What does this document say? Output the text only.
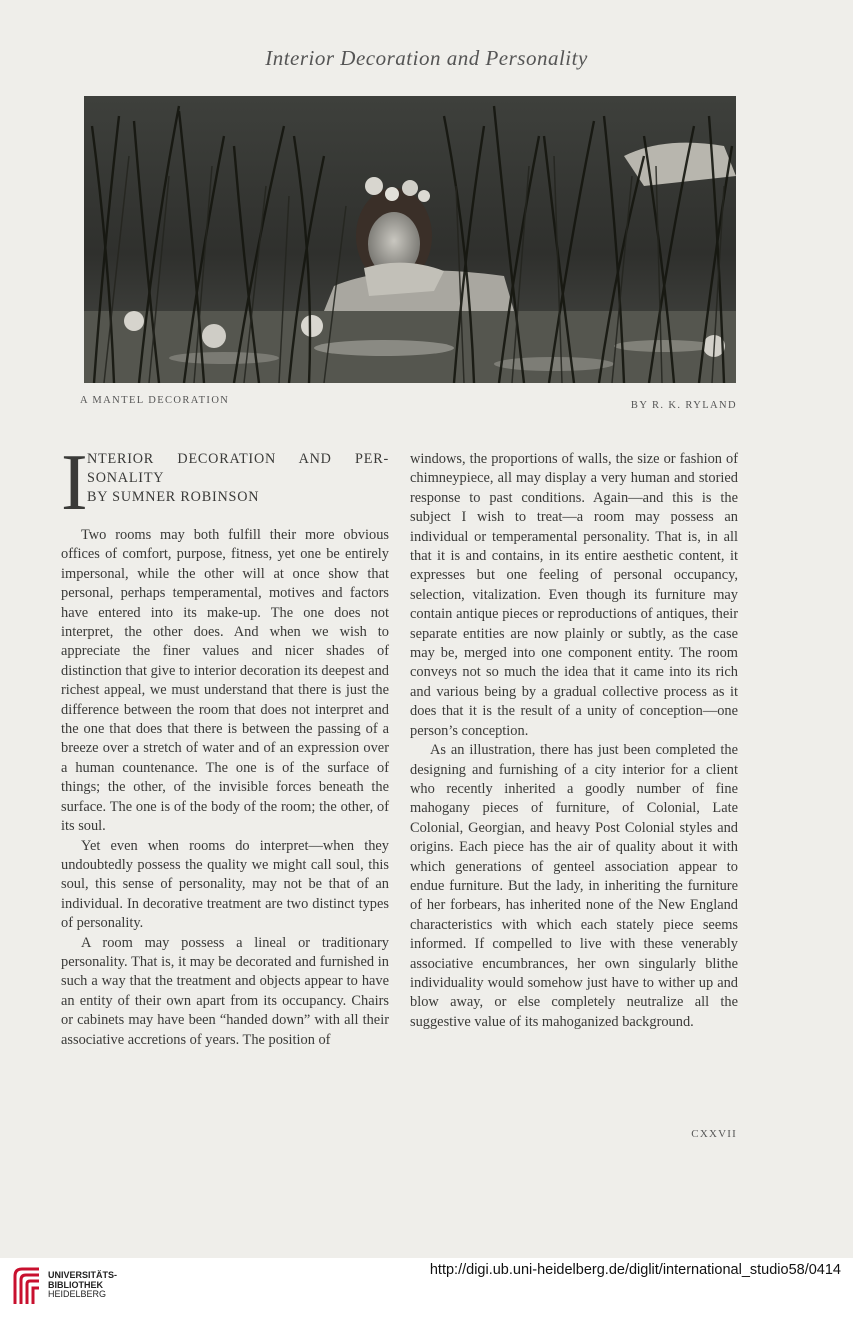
Interior Decoration and Personality
A MANTEL DECORATION	BY R. K. RYLAND
I
NTERIOR DECORATION AND PER-
SONALITY
BY SUMNER ROBINSON

Two rooms may both fulfill their more obvious offices of comfort, purpose, fitness, yet one be entirely impersonal, while the other will at once show that personal, perhaps temperamental, motives and factors have entered into its make-up. The one does not interpret, the other does. And when we wish to appreciate the finer values and nicer shades of distinction that give to interior decoration its deepest and richest appeal, we must understand that there is just the difference between the room that does not interpret and the one that does that there is between the passing of a breeze over a stretch of water and of an expression over a human countenance. The one is of the surface of things; the other, of the invisible forces beneath the surface. The one is of the body of the room; the other, of its soul.

Yet even when rooms do interpret—when they undoubtedly possess the quality we might call soul, this soul, this sense of personality, may not be that of an individual. In decorative treatment are two distinct types of personality.

A room may possess a lineal or traditionary personality. That is, it may be decorated and furnished in such a way that the treatment and objects appear to have an entity of their own apart from its occupancy. Chairs or cabinets may have been “handed down” with all their associative accretions of years. The position of

windows, the proportions of walls, the size or fashion of chimneypiece, all may display a very human and storied response to past conditions. Again—and this is the subject I wish to treat—a room may possess an individual or temperamental personality. That is, in all that it is and contains, in its entire aesthetic content, it expresses but one feeling of personal occupancy, selection, vitalization. Even though its furniture may contain antique pieces or reproductions of antiques, their separate entities are now plainly or subtly, as the case may be, merged into one component entity. The room conveys not so much the idea that it came into its rich and various being by a gradual collective process as it does that it is the result of a unity of conception—one person’s conception.

As an illustration, there has just been completed the designing and furnishing of a city interior for a client who recently inherited a goodly number of fine mahogany pieces of furniture, of Colonial, Late Colonial, Georgian, and heavy Post Colonial styles and origins. Each piece has the air of quality about it with which generations of genteel association appear to endue furniture. But the lady, in inheriting the furniture of her forbears, has inherited none of the New England characteristics with which each stately piece seems informed. If compelled to live with these venerably associative encumbrances, her own singularly blithe individuality would somehow just have to wither up and blow away, or else completely neutralize all the suggestive value of its mahoganized background.

CXXVII
UNIVERSITÄTS-
BIBLIOTHEK
HEIDELBERG
http://digi.ub.uni-heidelberg.de/diglit/international_studio58/0414
